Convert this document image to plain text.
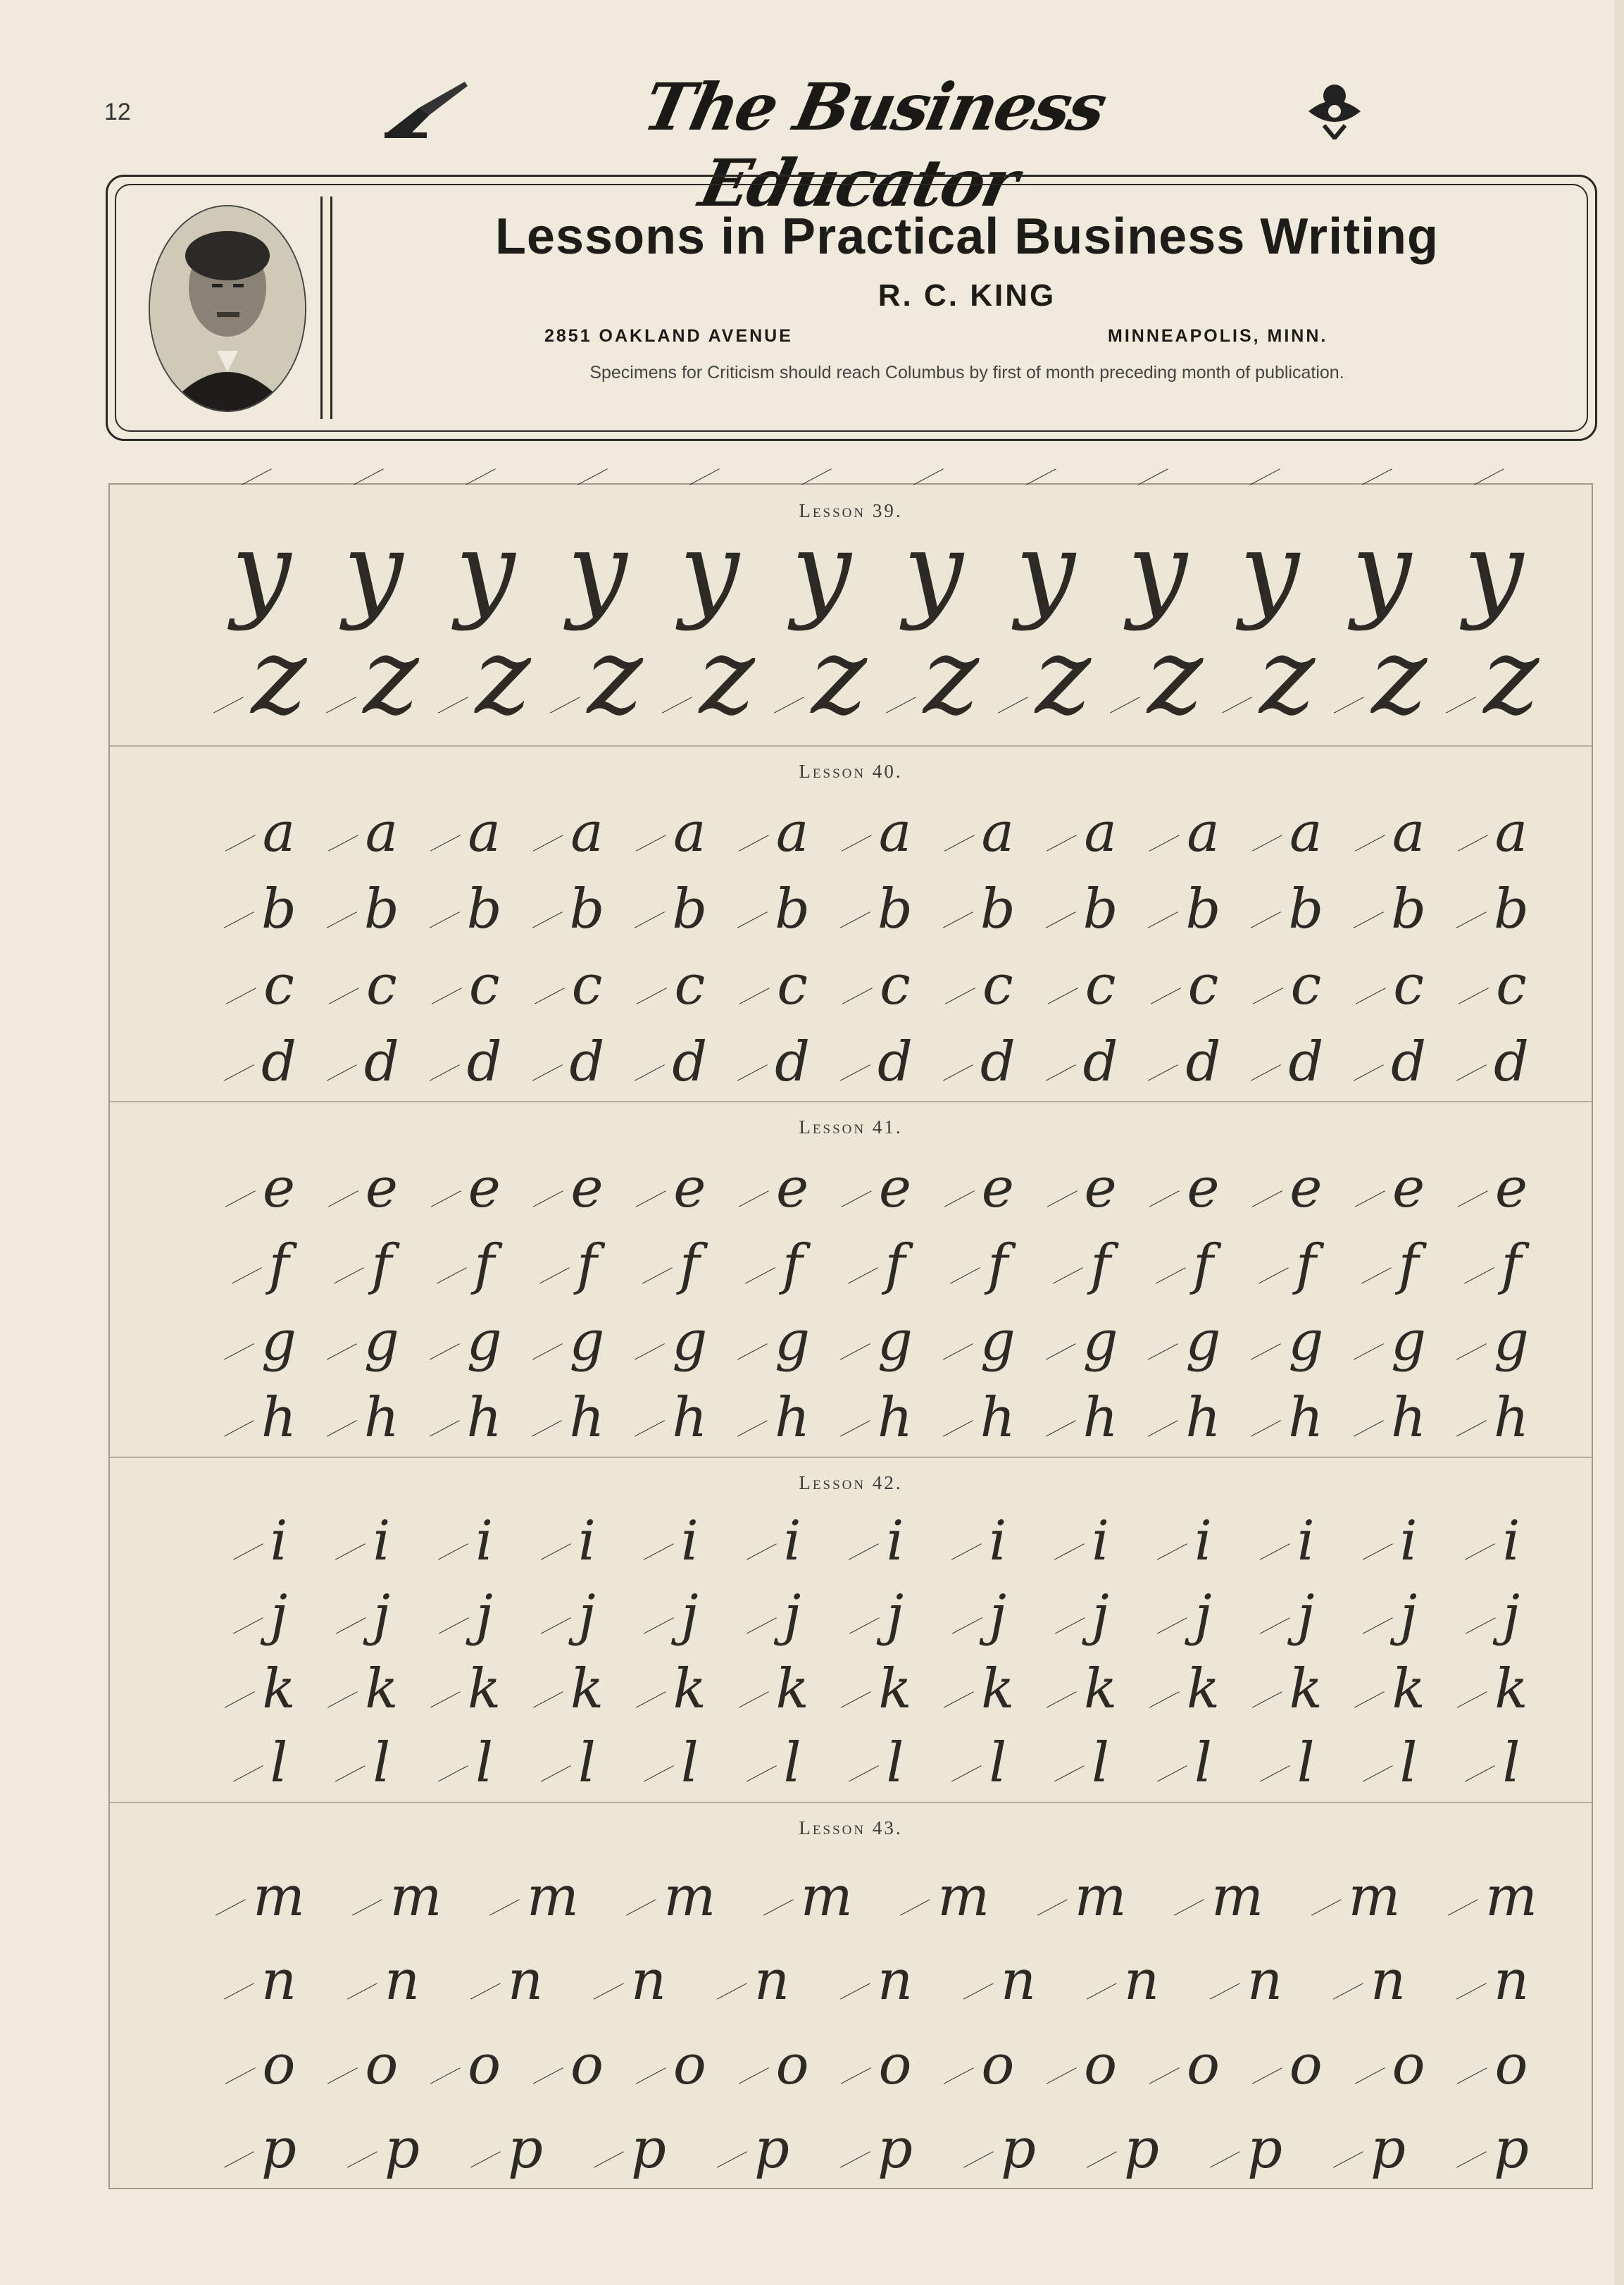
12	The Business Educator
Lessons in Practical Business Writing
R. C. KING
2851 OAKLAND AVENUE	MINNEAPOLIS, MINN.
Specimens for Criticism should reach Columbus by first of month preceding month of publication.
Lesson 39.
y y y y y y y y y y y y
z z z z z z z z z z z z
Lesson 40.
a	a	a	a	a	a	a	a	a	a	a	a	a
b	b	b	b	b	b	b	b	b	b	b	b	b
c	c	c	c	c	c	c	c	c	c	c	c	c
d	d	d	d	d	d	d	d	d	d	d	d	d
Lesson 41.
e	e	e	e	e	e	e	e	e	e	e	e	e
f	f	f	f	f	f	f	f	f	f	f	f	f
g	g	g	g	g	g	g	g	g	g	g	g	g
h	h	h	h	h	h	h	h	h	h	h	h	h
Lesson 42.
i	i	i	i	i	i	i	i	i	i	i	i	i
j	j	j	j	j	j	j	j	j	j	j	j	j
k	k	k	k	k	k	k	k	k	k	k	k	k
l	l	l	l	l	l	l	l	l	l	l	l	l
Lesson 43.
m	m	m	m	m	m	m	m	m	m
n	n	n	n	n	n	n	n	n	n	n
o	o	o	o	o	o	o	o	o	o	o	o	o
p	p	p	p	p	p	p	p	p	p	p
